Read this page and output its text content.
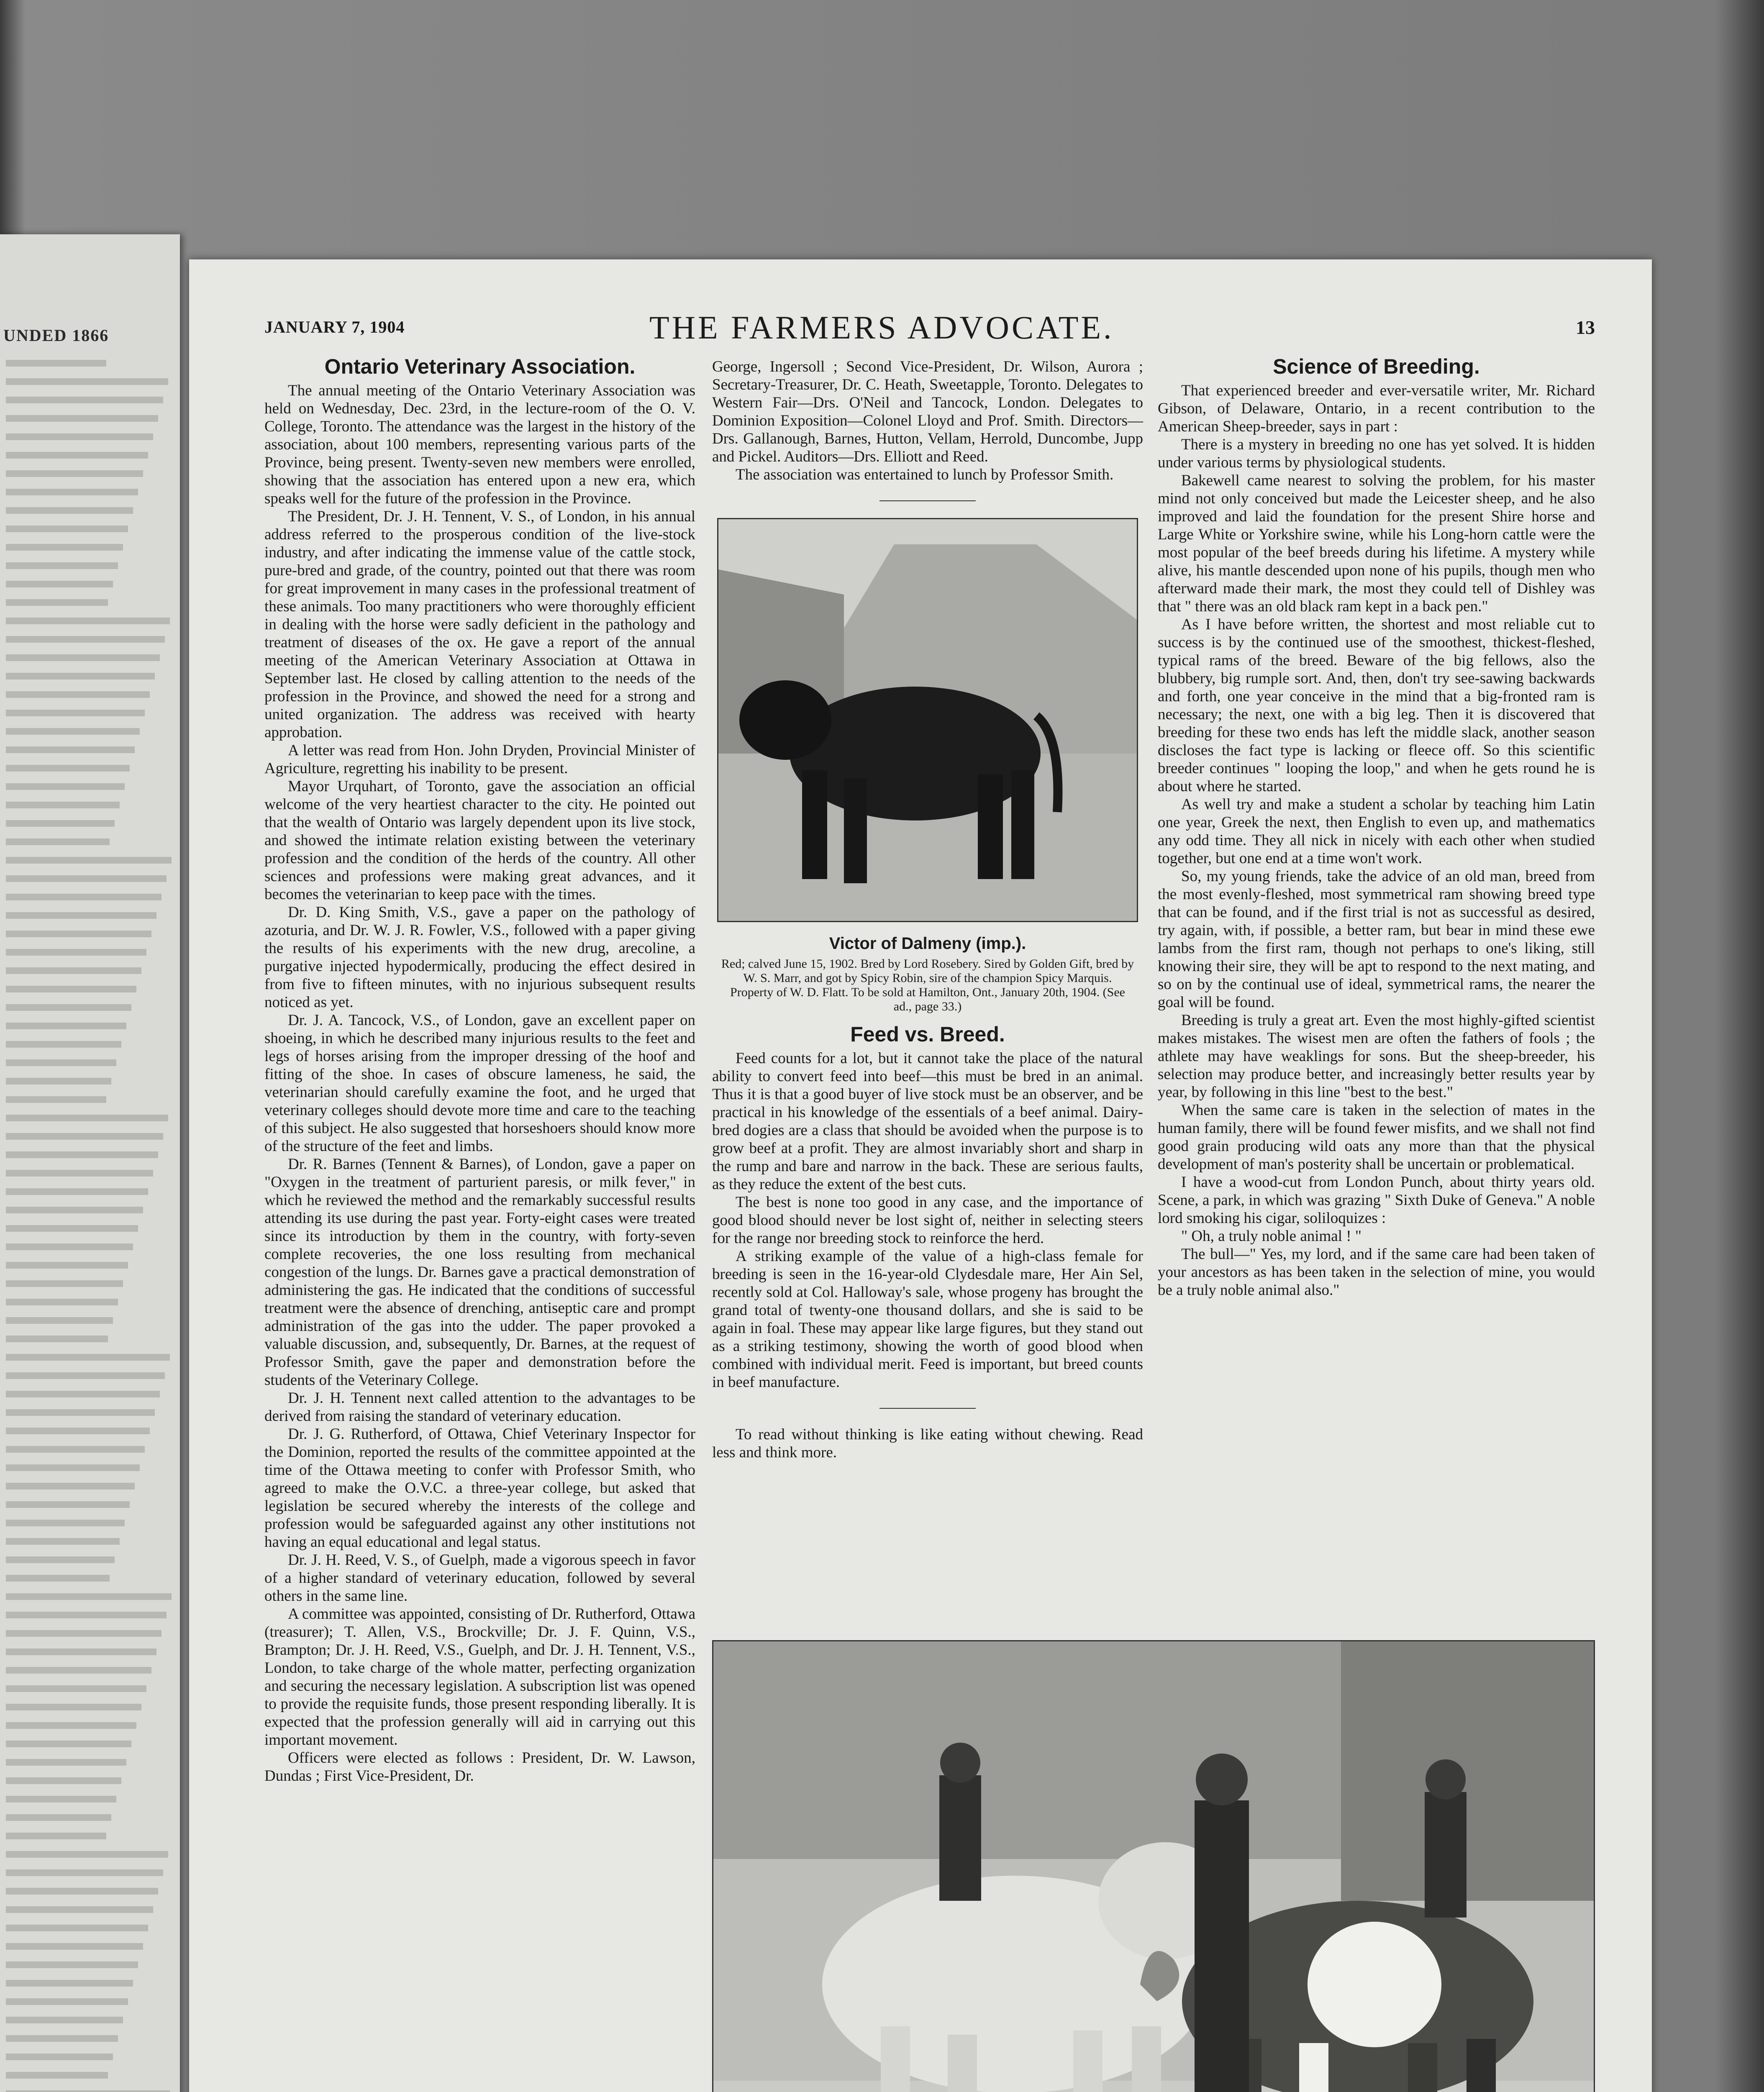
UNDED 1866	JANUARY 7, 1904	THE FARMERS ADVOCATE.	13
Ontario Veterinary Association.

The annual meeting of the Ontario Veterinary Association was held on Wednesday, Dec. 23rd, in the lecture-room of the O. V. College, Toronto. The attendance was the largest in the history of the association, about 100 members, representing various parts of the Province, being present. Twenty-seven new members were enrolled, showing that the association has entered upon a new era, which speaks well for the future of the profession in the Province.

The President, Dr. J. H. Tennent, V. S., of London, in his annual address referred to the prosperous condition of the live-stock industry, and after indicating the immense value of the cattle stock, pure-bred and grade, of the country, pointed out that there was room for great improvement in many cases in the professional treatment of these animals. Too many practitioners who were thoroughly efficient in dealing with the horse were sadly deficient in the pathology and treatment of diseases of the ox. He gave a report of the annual meeting of the American Veterinary Association at Ottawa in September last. He closed by calling attention to the needs of the profession in the Province, and showed the need for a strong and united organization. The address was received with hearty approbation.

A letter was read from Hon. John Dryden, Provincial Minister of Agriculture, regretting his inability to be present.

Mayor Urquhart, of Toronto, gave the association an official welcome of the very heartiest character to the city. He pointed out that the wealth of Ontario was largely dependent upon its live stock, and showed the intimate relation existing between the veterinary profession and the condition of the herds of the country. All other sciences and professions were making great advances, and it becomes the veterinarian to keep pace with the times.

Dr. D. King Smith, V.S., gave a paper on the pathology of azoturia, and Dr. W. J. R. Fowler, V.S., followed with a paper giving the results of his experiments with the new drug, arecoline, a purgative injected hypodermically, producing the effect desired in from five to fifteen minutes, with no injurious subsequent results noticed as yet.

Dr. J. A. Tancock, V.S., of London, gave an excellent paper on shoeing, in which he described many injurious results to the feet and legs of horses arising from the improper dressing of the hoof and fitting of the shoe. In cases of obscure lameness, he said, the veterinarian should carefully examine the foot, and he urged that veterinary colleges should devote more time and care to the teaching of this subject. He also suggested that horseshoers should know more of the structure of the feet and limbs.

Dr. R. Barnes (Tennent & Barnes), of London, gave a paper on "Oxygen in the treatment of parturient paresis, or milk fever," in which he reviewed the method and the remarkably successful results attending its use during the past year. Forty-eight cases were treated since its introduction by them in the country, with forty-seven complete recoveries, the one loss resulting from mechanical congestion of the lungs. Dr. Barnes gave a practical demonstration of administering the gas. He indicated that the conditions of successful treatment were the absence of drenching, antiseptic care and prompt administration of the gas into the udder. The paper provoked a valuable discussion, and, subsequently, Dr. Barnes, at the request of Professor Smith, gave the paper and demonstration before the students of the Veterinary College.

Dr. J. H. Tennent next called attention to the advantages to be derived from raising the standard of veterinary education.

Dr. J. G. Rutherford, of Ottawa, Chief Veterinary Inspector for the Dominion, reported the results of the committee appointed at the time of the Ottawa meeting to confer with Professor Smith, who agreed to make the O.V.C. a three-year college, but asked that legislation be secured whereby the interests of the college and profession would be safeguarded against any other institutions not having an equal educational and legal status.

Dr. J. H. Reed, V. S., of Guelph, made a vigorous speech in favor of a higher standard of veterinary education, followed by several others in the same line.

A committee was appointed, consisting of Dr. Rutherford, Ottawa (treasurer); T. Allen, V.S., Brockville; Dr. J. F. Quinn, V.S., Brampton; Dr. J. H. Reed, V.S., Guelph, and Dr. J. H. Tennent, V.S., London, to take charge of the whole matter, perfecting organization and securing the necessary legislation. A subscription list was opened to provide the requisite funds, those present responding liberally. It is expected that the profession generally will aid in carrying out this important movement.

Officers were elected as follows : President, Dr. W. Lawson, Dundas ; First Vice-President, Dr.

George, Ingersoll ; Second Vice-President, Dr. Wilson, Aurora ; Secretary-Treasurer, Dr. C. Heath, Sweetapple, Toronto. Delegates to Western Fair—Drs. O'Neil and Tancock, London. Delegates to Dominion Exposition—Colonel Lloyd and Prof. Smith. Directors—Drs. Gallanough, Barnes, Hutton, Vellam, Herrold, Duncombe, Jupp and Pickel. Auditors—Drs. Elliott and Reed.

The association was entertained to lunch by Professor Smith.

Victor of Dalmeny (imp.).
Red; calved June 15, 1902. Bred by Lord Rosebery. Sired by Golden Gift, bred by W. S. Marr, and got by Spicy Robin, sire of the champion Spicy Marquis. Property of W. D. Flatt. To be sold at Hamilton, Ont., January 20th, 1904. (See ad., page 33.)
Feed vs. Breed.

Feed counts for a lot, but it cannot take the place of the natural ability to convert feed into beef—this must be bred in an animal. Thus it is that a good buyer of live stock must be an observer, and be practical in his knowledge of the essentials of a beef animal. Dairy-bred dogies are a class that should be avoided when the purpose is to grow beef at a profit. They are almost invariably short and sharp in the rump and bare and narrow in the back. These are serious faults, as they reduce the extent of the best cuts.

The best is none too good in any case, and the importance of good blood should never be lost sight of, neither in selecting steers for the range nor breeding stock to reinforce the herd.

A striking example of the value of a high-class female for breeding is seen in the 16-year-old Clydesdale mare, Her Ain Sel, recently sold at Col. Halloway's sale, whose progeny has brought the grand total of twenty-one thousand dollars, and she is said to be again in foal. These may appear like large figures, but they stand out as a striking testimony, showing the worth of good blood when combined with individual merit. Feed is important, but breed counts in beef manufacture.

To read without thinking is like eating without chewing. Read less and think more.

Science of Breeding.

That experienced breeder and ever-versatile writer, Mr. Richard Gibson, of Delaware, Ontario, in a recent contribution to the American Sheep-breeder, says in part :

There is a mystery in breeding no one has yet solved. It is hidden under various terms by physiological students.

Bakewell came nearest to solving the problem, for his master mind not only conceived but made the Leicester sheep, and he also improved and laid the foundation for the present Shire horse and Large White or Yorkshire swine, while his Long-horn cattle were the most popular of the beef breeds during his lifetime. A mystery while alive, his mantle descended upon none of his pupils, though men who afterward made their mark, the most they could tell of Dishley was that " there was an old black ram kept in a back pen."

As I have before written, the shortest and most reliable cut to success is by the continued use of the smoothest, thickest-fleshed, typical rams of the breed. Beware of the big fellows, also the blubbery, big rumple sort. And, then, don't try see-sawing backwards and forth, one year conceive in the mind that a big-fronted ram is necessary; the next, one with a big leg. Then it is discovered that breeding for these two ends has left the middle slack, another season discloses the fact type is lacking or fleece off. So this scientific breeder continues " looping the loop," and when he gets round he is about where he started.

As well try and make a student a scholar by teaching him Latin one year, Greek the next, then English to even up, and mathematics any odd time. They all nick in nicely with each other when studied together, but one end at a time won't work.

So, my young friends, take the advice of an old man, breed from the most evenly-fleshed, most symmetrical ram showing breed type that can be found, and if the first trial is not as successful as desired, try again, with, if possible, a better ram, but bear in mind these ewe lambs from the first ram, though not perhaps to one's liking, still knowing their sire, they will be apt to respond to the next mating, and so on by the continual use of ideal, symmetrical rams, the nearer the goal will be found.

Breeding is truly a great art. Even the most highly-gifted scientist makes mistakes. The wisest men are often the fathers of fools ; the athlete may have weaklings for sons. But the sheep-breeder, his selection may produce better, and increasingly better results year by year, by following in this line "best to the best."

When the same care is taken in the selection of mates in the human family, there will be found fewer misfits, and we shall not find good grain producing wild oats any more than that the physical development of man's posterity shall be uncertain or problematical.

I have a wood-cut from London Punch, about thirty years old. Scene, a park, in which was grazing " Sixth Duke of Geneva." A noble lord smoking his cigar, soliloquizes :

" Oh, a truly noble animal ! "

The bull—" Yes, my lord, and if the same care had been taken of your ancestors as has been taken in the selection of mine, you would be a truly noble animal also."
